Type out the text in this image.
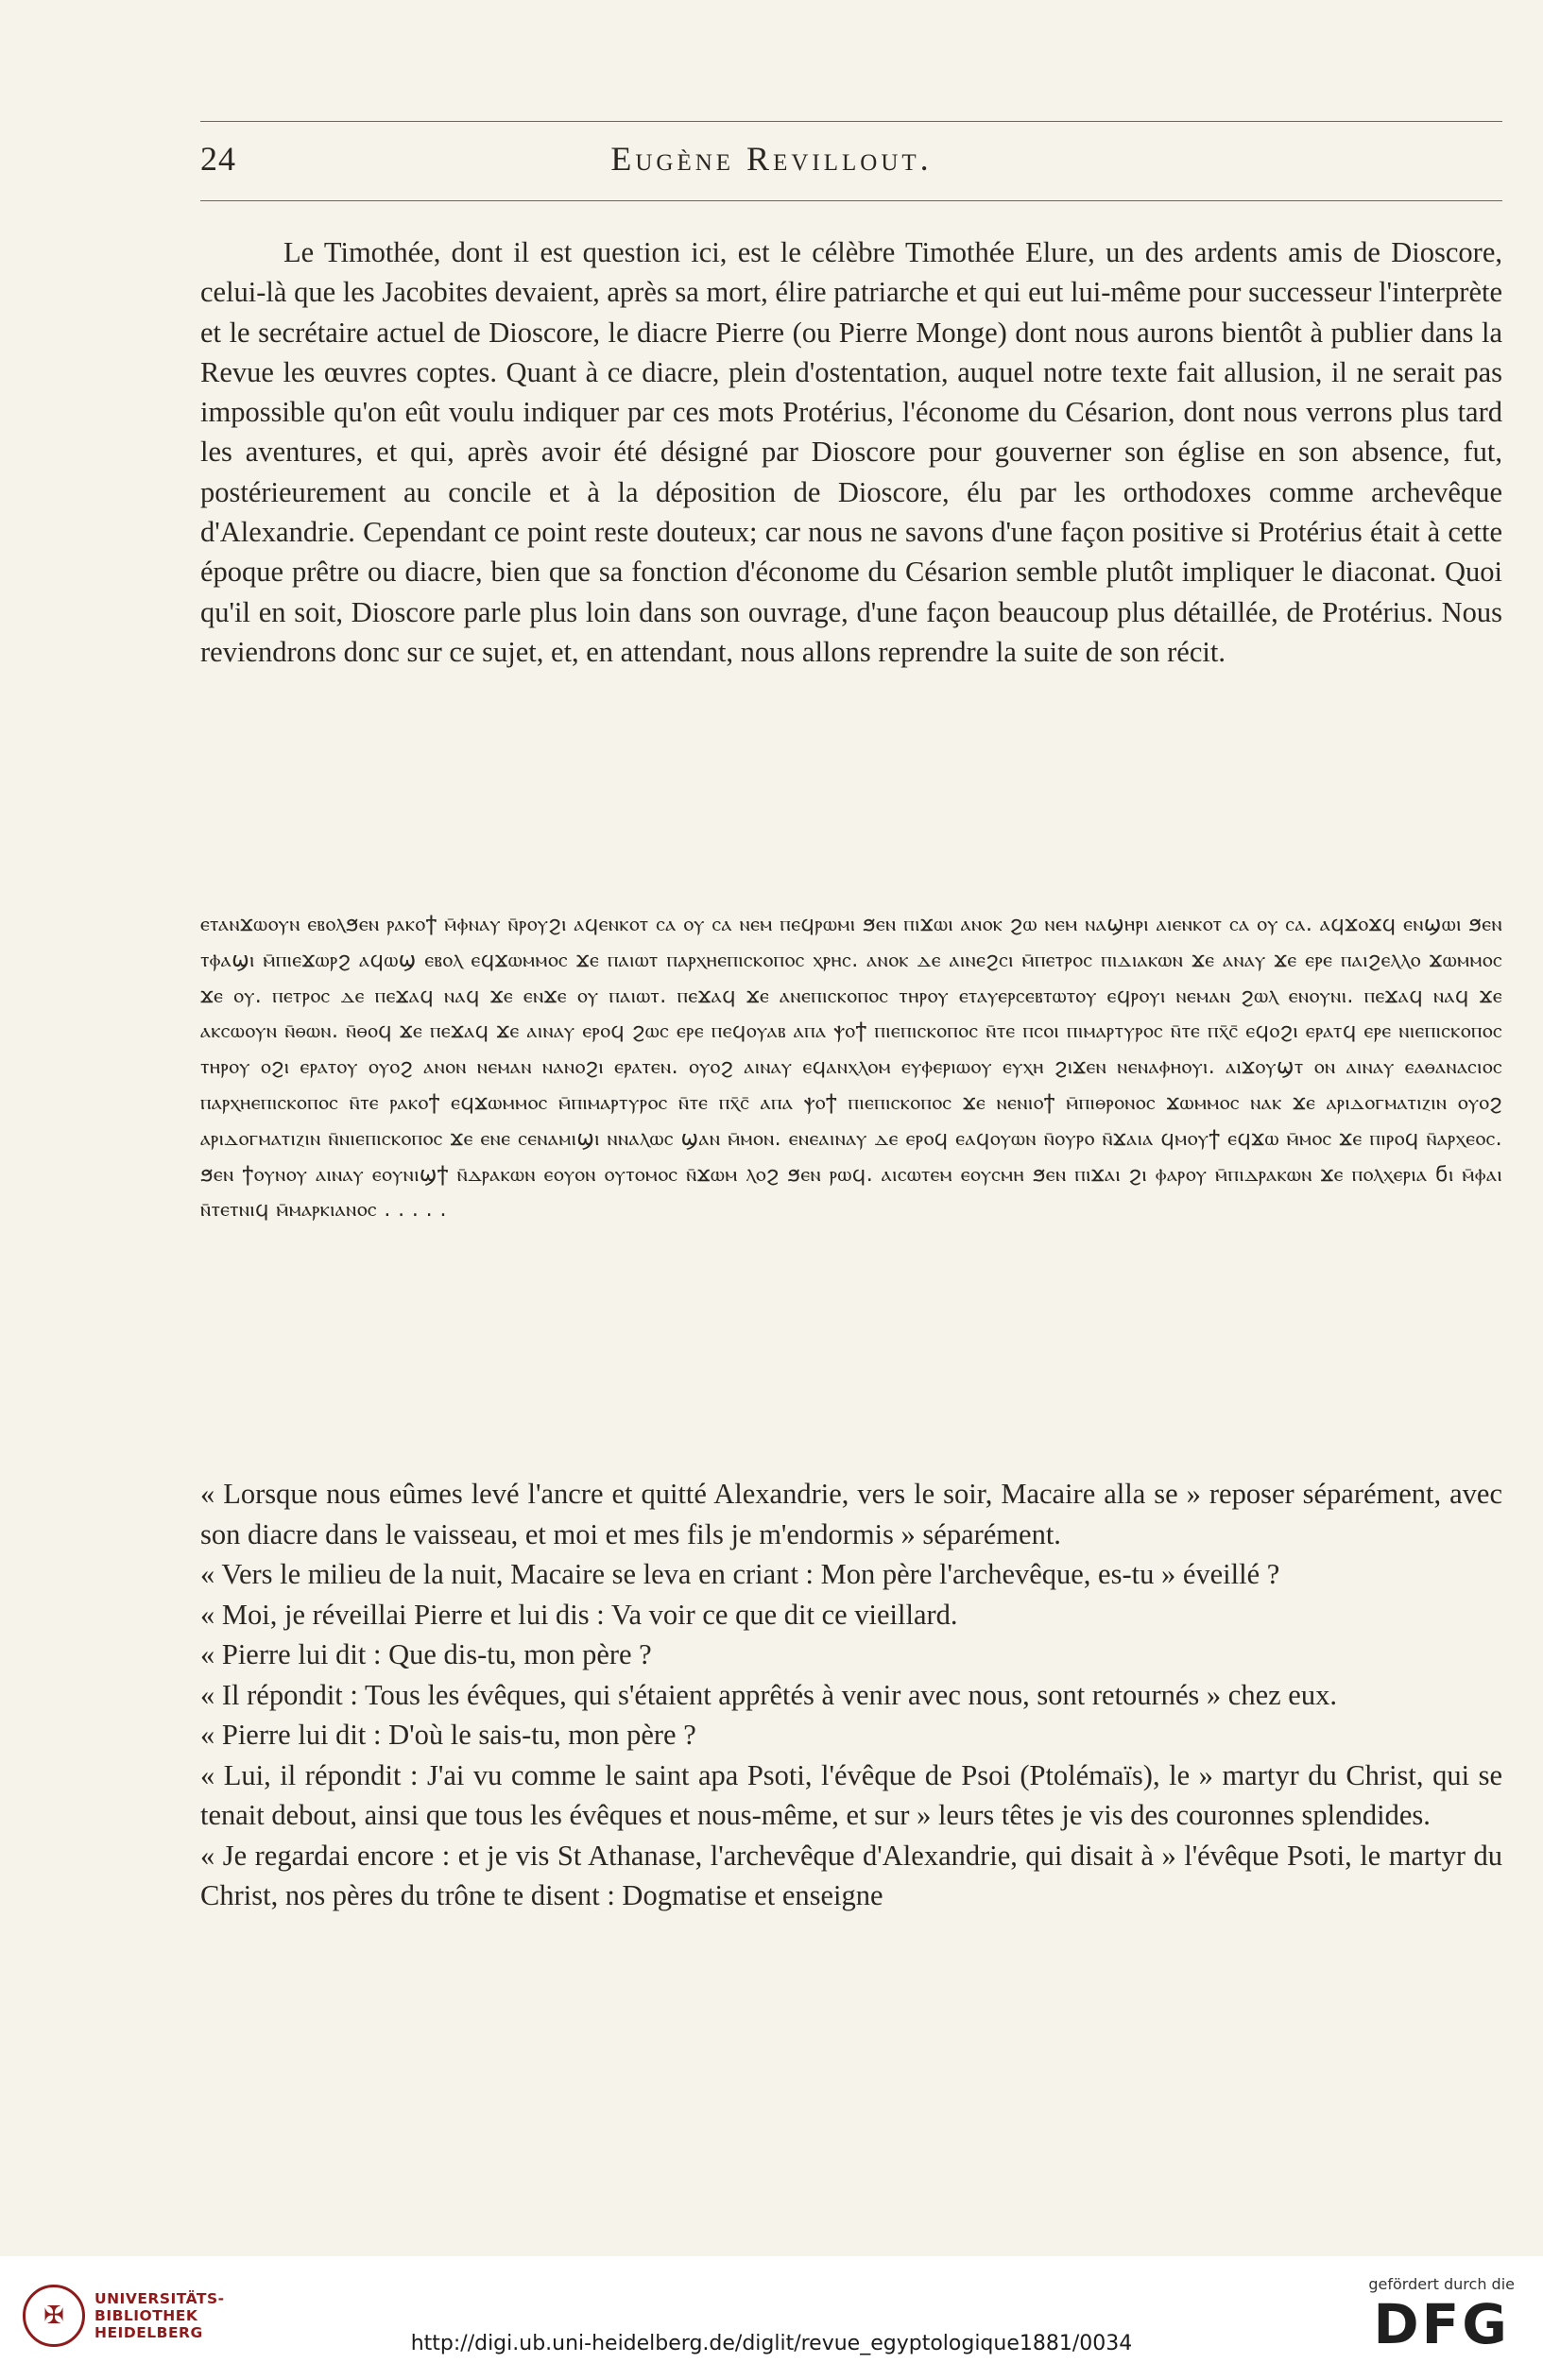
24	Eugène Revillout.

Le Timothée, dont il est question ici, est le célèbre Timothée Elure, un des ardents amis de Dioscore, celui-là que les Jacobites devaient, après sa mort, élire patriarche et qui eut lui-même pour successeur l'interprète et le secrétaire actuel de Dioscore, le diacre Pierre (ou Pierre Monge) dont nous aurons bientôt à publier dans la Revue les œuvres coptes. Quant à ce diacre, plein d'ostentation, auquel notre texte fait allusion, il ne serait pas impossible qu'on eût voulu indiquer par ces mots Protérius, l'économe du Césarion, dont nous verrons plus tard les aventures, et qui, après avoir été désigné par Dioscore pour gouverner son église en son absence, fut, postérieurement au concile et à la déposition de Dioscore, élu par les orthodoxes comme archevêque d'Alexandrie. Cependant ce point reste douteux; car nous ne savons d'une façon positive si Protérius était à cette époque prêtre ou diacre, bien que sa fonction d'économe du Césarion semble plutôt impliquer le diaconat. Quoi qu'il en soit, Dioscore parle plus loin dans son ouvrage, d'une façon beaucoup plus détaillée, de Protérius. Nous reviendrons donc sur ce sujet, et, en attendant, nous allons reprendre la suite de son récit.

ⲉⲧⲁⲛϫⲱⲟⲩⲛ ⲉⲃⲟⲗϧⲉⲛ ⲣⲁⲕⲟϯ ⲙ̄ⲫⲛⲁⲩ ⲛ̄ⲣⲟⲩϩⲓ ⲁϥⲉⲛⲕⲟⲧ ⲥⲁ ⲟⲩ ⲥⲁ ⲛⲉⲙ ⲡⲉϥⲣⲱⲙⲓ ϧⲉⲛ ⲡⲓϫⲱⲓ ⲁⲛⲟⲕ ϩⲱ ⲛⲉⲙ ⲛⲁϣⲏⲣⲓ ⲁⲓⲉⲛⲕⲟⲧ ⲥⲁ ⲟⲩ ⲥⲁ. ⲁϥϫⲟϫϥ ⲉⲛϣⲱⲓ ϧⲉⲛ ⲧⲫⲁϣⲓ ⲙ̄ⲡⲓⲉϫⲱⲣϩ ⲁϥⲱϣ ⲉⲃⲟⲗ ⲉϥϫⲱⲙⲙⲟⲥ ϫⲉ ⲡⲁⲓⲱⲧ ⲡⲁⲣⲭⲏⲉⲡⲓⲥⲕⲟⲡⲟⲥ ⲭⲣⲏⲥ. ⲁⲛⲟⲕ ⲇⲉ ⲁⲓⲛⲉϩⲥⲓ ⲙ̄ⲡⲉⲧⲣⲟⲥ ⲡⲓⲇⲓⲁⲕⲱⲛ ϫⲉ ⲁⲛⲁⲩ ϫⲉ ⲉⲣⲉ ⲡⲁⲓϩⲉⲗⲗⲟ ϫⲱⲙⲙⲟⲥ ϫⲉ ⲟⲩ. ⲡⲉⲧⲣⲟⲥ ⲇⲉ ⲡⲉϫⲁϥ ⲛⲁϥ ϫⲉ ⲉⲛϫⲉ ⲟⲩ ⲡⲁⲓⲱⲧ. ⲡⲉϫⲁϥ ϫⲉ ⲁⲛⲉⲡⲓⲥⲕⲟⲡⲟⲥ ⲧⲏⲣⲟⲩ ⲉⲧⲁⲩⲉⲣⲥⲉⲃⲧⲱⲧⲟⲩ ⲉϥⲣⲟⲩⲓ ⲛⲉⲙⲁⲛ ϩⲱⲗ ⲉⲛⲟⲩⲛⲓ. ⲡⲉϫⲁϥ ⲛⲁϥ ϫⲉ ⲁⲕⲥⲱⲟⲩⲛ ⲛ̄ⲑⲱⲛ. ⲛ̄ⲑⲟϥ ϫⲉ ⲡⲉϫⲁϥ ϫⲉ ⲁⲓⲛⲁⲩ ⲉⲣⲟϥ ϩⲱⲥ ⲉⲣⲉ ⲡⲉϥⲟⲩⲁⲃ ⲁⲡⲁ ⲯⲟϯ ⲡⲓⲉⲡⲓⲥⲕⲟⲡⲟⲥ ⲛ̄ⲧⲉ ⲡⲥⲟⲓ ⲡⲓⲙⲁⲣⲧⲩⲣⲟⲥ ⲛ̄ⲧⲉ ⲡⲭ̄ⲥ̄ ⲉϥⲟϩⲓ ⲉⲣⲁⲧϥ ⲉⲣⲉ ⲛⲓⲉⲡⲓⲥⲕⲟⲡⲟⲥ ⲧⲏⲣⲟⲩ ⲟϩⲓ ⲉⲣⲁⲧⲟⲩ ⲟⲩⲟϩ ⲁⲛⲟⲛ ⲛⲉⲙⲁⲛ ⲛⲁⲛⲟϩⲓ ⲉⲣⲁⲧⲉⲛ. ⲟⲩⲟϩ ⲁⲓⲛⲁⲩ ⲉϥⲁⲛⲭⲗⲟⲙ ⲉⲩⲫⲉⲣⲓⲱⲟⲩ ⲉⲩⲭⲏ ϩⲓϫⲉⲛ ⲛⲉⲛⲁⲫⲏⲟⲩⲓ. ⲁⲓϫⲟⲩϣⲧ ⲟⲛ ⲁⲓⲛⲁⲩ ⲉⲁⲑⲁⲛⲁⲥⲓⲟⲥ ⲡⲁⲣⲭⲏⲉⲡⲓⲥⲕⲟⲡⲟⲥ ⲛ̄ⲧⲉ ⲣⲁⲕⲟϯ ⲉϥϫⲱⲙⲙⲟⲥ ⲙ̄ⲡⲓⲙⲁⲣⲧⲩⲣⲟⲥ ⲛ̄ⲧⲉ ⲡⲭ̄ⲥ̄ ⲁⲡⲁ ⲯⲟϯ ⲡⲓⲉⲡⲓⲥⲕⲟⲡⲟⲥ ϫⲉ ⲛⲉⲛⲓⲟϯ ⲙ̄ⲡⲓⲑⲣⲟⲛⲟⲥ ϫⲱⲙⲙⲟⲥ ⲛⲁⲕ ϫⲉ ⲁⲣⲓⲇⲟⲅⲙⲁⲧⲓⲍⲓⲛ ⲟⲩⲟϩ ⲁⲣⲓⲇⲟⲅⲙⲁⲧⲓⲍⲓⲛ ⲛ̄ⲛⲓⲉⲡⲓⲥⲕⲟⲡⲟⲥ ϫⲉ ⲉⲛⲉ ⲥⲉⲛⲁⲙⲓϣⲓ ⲛⲛⲁⲗⲱⲥ ϣⲁⲛ ⲙ̄ⲙⲟⲛ. ⲉⲛⲉⲁⲓⲛⲁⲩ ⲇⲉ ⲉⲣⲟϥ ⲉⲁϥⲟⲩⲱⲛ ⲛ̄ⲟⲩⲣⲟ ⲛ̄ϫⲁⲓⲁ ϥⲙⲟⲩϯ ⲉϥϫⲱ ⲙ̄ⲙⲟⲥ ϫⲉ ⲡⲓⲣⲟϥ ⲛ̄ⲁⲣⲭⲉⲟⲥ. ϧⲉⲛ ϯⲟⲩⲛⲟⲩ ⲁⲓⲛⲁⲩ ⲉⲟⲩⲛⲓϣϯ ⲛ̄ⲇⲣⲁⲕⲱⲛ ⲉⲟⲩⲟⲛ ⲟⲩⲧⲟⲙⲟⲥ ⲛ̄ϫⲱⲙ ⲗⲟϩ ϧⲉⲛ ⲣⲱϥ. ⲁⲓⲥⲱⲧⲉⲙ ⲉⲟⲩⲥⲙⲏ ϧⲉⲛ ⲡⲓϫⲁⲓ ϩⲓ ⲫⲁⲣⲟⲩ ⲙ̄ⲡⲓⲇⲣⲁⲕⲱⲛ ϫⲉ ⲡⲟⲗⲭⲉⲣⲓⲁ ϭⲓ ⲙ̄ⲫⲁⲓ ⲛ̄ⲧⲉⲧⲛⲓϥ ⲙ̄ⲙⲁⲣⲕⲓⲁⲛⲟⲥ . . . . .

« Lorsque nous eûmes levé l'ancre et quitté Alexandrie, vers le soir, Macaire alla se » reposer séparément, avec son diacre dans le vaisseau, et moi et mes fils je m'endormis » séparément.

« Vers le milieu de la nuit, Macaire se leva en criant : Mon père l'archevêque, es-tu » éveillé ?

« Moi, je réveillai Pierre et lui dis : Va voir ce que dit ce vieillard.

« Pierre lui dit : Que dis-tu, mon père ?

« Il répondit : Tous les évêques, qui s'étaient apprêtés à venir avec nous, sont retournés » chez eux.

« Pierre lui dit : D'où le sais-tu, mon père ?

« Lui, il répondit : J'ai vu comme le saint apa Psoti, l'évêque de Psoi (Ptolémaïs), le » martyr du Christ, qui se tenait debout, ainsi que tous les évêques et nous-même, et sur » leurs têtes je vis des couronnes splendides.

« Je regardai encore : et je vis St Athanase, l'archevêque d'Alexandrie, qui disait à » l'évêque Psoti, le martyr du Christ, nos pères du trône te disent : Dogmatise et enseigne

✠
UNIVERSITÄTS-
BIBLIOTHEK
HEIDELBERG	http://digi.ub.uni-heidelberg.de/diglit/revue_egyptologique1881/0034
gefördert durch die
DFG
